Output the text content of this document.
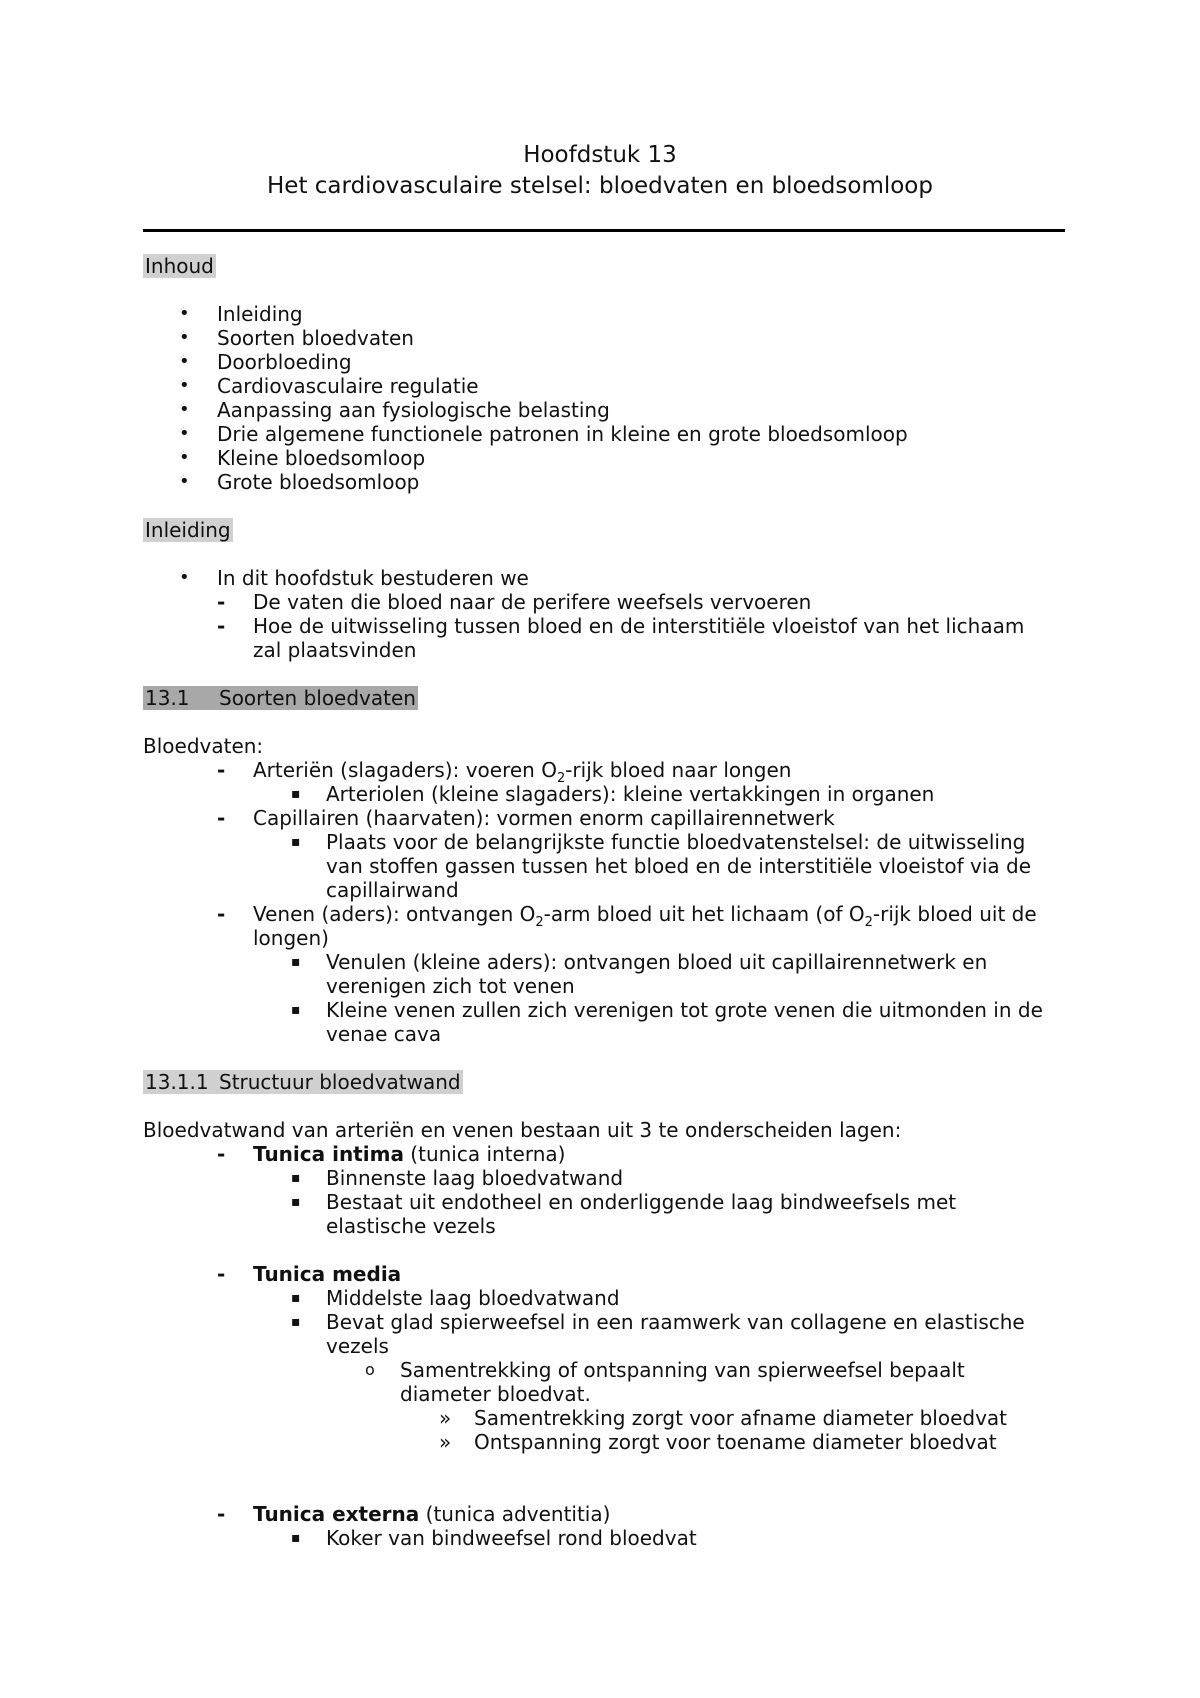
Hoofdstuk 13
Het cardiovasculaire stelsel: bloedvaten en bloedsomloop
Inhoud
• Inleiding
• Soorten bloedvaten
• Doorbloeding
• Cardiovasculaire regulatie
• Aanpassing aan fysiologische belasting
• Drie algemene functionele patronen in kleine en grote bloedsomloop
• Kleine bloedsomloop
• Grote bloedsomloop
Inleiding
• In dit hoofdstuk bestuderen we
- De vaten die bloed naar de perifere weefsels vervoeren
- Hoe de uitwisseling tussen bloed en de interstitiële vloeistof van het lichaam
zal plaatsvinden
13.1 Soorten bloedvaten
Bloedvaten:
- Arteriën (slagaders): voeren $O_2$-rijk bloed naar longen
▪ Arteriolen (kleine slagaders): kleine vertakkingen in organen
- Capillairen (haarvaten): vormen enorm capillairennetwerk
▪ Plaats voor de belangrijkste functie bloedvatenstelsel: de uitwisseling
van stoffen gassen tussen het bloed en de interstitiële vloeistof via de
capillairwand
- Venen (aders): ontvangen $O_2$-arm bloed uit het lichaam (of $O_2$-rijk bloed uit de
longen)
▪ Venulen (kleine aders): ontvangen bloed uit capillairennetwerk en
verenigen zich tot venen
▪ Kleine venen zullen zich verenigen tot grote venen die uitmonden in de
venae cava
13.1.1 Structuur bloedvatwand
Bloedvatwand van arteriën en venen bestaan uit 3 te onderscheiden lagen:
- Tunica intima (tunica interna)
▪ Binnenste laag bloedvatwand
▪ Bestaat uit endotheel en onderliggende laag bindweefsels met
elastische vezels
- Tunica media
▪ Middelste laag bloedvatwand
▪ Bevat glad spierweefsel in een raamwerk van collagene en elastische
vezels
o Samentrekking of ontspanning van spierweefsel bepaalt
diameter bloedvat.
» Samentrekking zorgt voor afname diameter bloedvat
» Ontspanning zorgt voor toename diameter bloedvat
- Tunica externa (tunica adventitia)
▪ Koker van bindweefsel rond bloedvat
